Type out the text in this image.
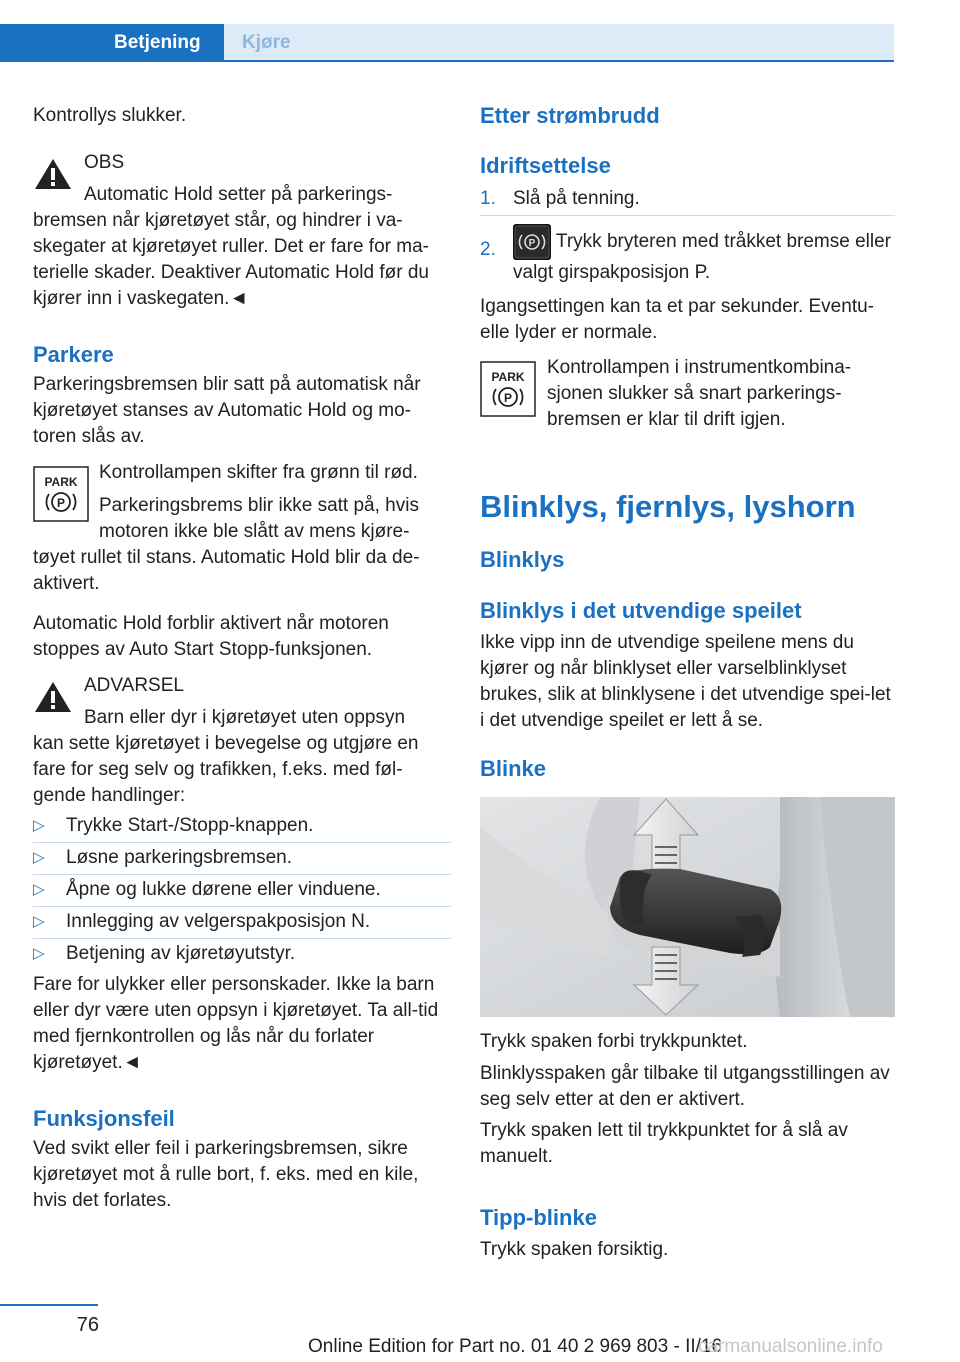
Betjening	Kjøre
Kontrollys slukker.
OBS
Automatic Hold setter på parkerings-
bremsen når kjøretøyet står, og hindrer i va-skegater at kjøretøyet ruller. Det er fare for ma-terielle skader. Deaktiver Automatic Hold før du kjører inn i vaskegaten.◄
Parkere
Parkeringsbremsen blir satt på automatisk når kjøretøyet stanses av Automatic Hold og mo-toren slås av.
PARK
P
Kontrollampen skifter fra grønn til rød.
Parkeringsbrems blir ikke satt på, hvis motoren ikke ble slått av mens kjøre-
tøyet rullet til stans. Automatic Hold blir da de-aktivert.
Automatic Hold forblir aktivert når motoren stoppes av Auto Start Stopp-funksjonen.
ADVARSEL
Barn eller dyr i kjøretøyet uten oppsyn
kan sette kjøretøyet i bevegelse og utgjøre en fare for seg selv og trafikken, f.eks. med føl-gende handlinger:
▷ Trykke Start-/Stopp-knappen.
▷ Løsne parkeringsbremsen.
▷ Åpne og lukke dørene eller vinduene.
▷ Innlegging av velgerspakposisjon N.
▷ Betjening av kjøretøyutstyr.
Fare for ulykker eller personskader. Ikke la barn eller dyr være uten oppsyn i kjøretøyet. Ta all-tid med fjernkontrollen og lås når du forlater kjøretøyet.◄
Funksjonsfeil
Ved svikt eller feil i parkeringsbremsen, sikre kjøretøyet mot å rulle bort, f. eks. med en kile, hvis det forlates.
Etter strømbrudd
Idriftsettelse
1. Slå på tenning.
2.	P Trykk bryteren med tråkket bremse eller valgt girspakposisjon P.
Igangsettingen kan ta et par sekunder. Eventu-elle lyder er normale.
PARK
P
Kontrollampen i instrumentkombina-sjonen slukker så snart parkerings-bremsen er klar til drift igjen.
Blinklys, fjernlys, lyshorn
Blinklys
Blinklys i det utvendige speilet
Ikke vipp inn de utvendige speilene mens du kjører og når blinklyset eller varselblinklyset brukes, slik at blinklysene i det utvendige spei-let i det utvendige speilet er lett å se.
Blinke
Trykk spaken forbi trykkpunktet.
Blinklysspaken går tilbake til utgangsstillingen av seg selv etter at den er aktivert.
Trykk spaken lett til trykkpunktet for å slå av manuelt.
Tipp-blinke
Trykk spaken forsiktig.
76
Online Edition for Part no. 01 40 2 969 803 - II/16
carmanualsonline.info
